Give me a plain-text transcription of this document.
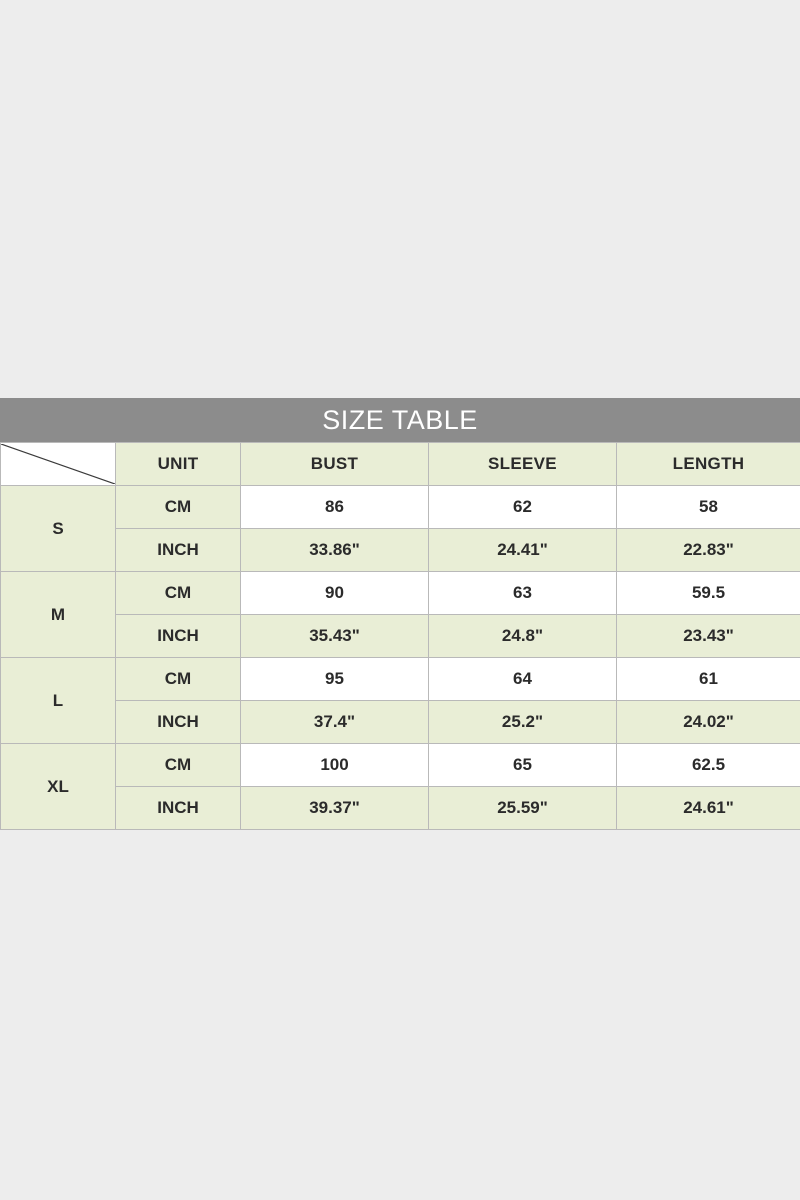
SIZE TABLE
	UNIT	BUST	SLEEVE	LENGTH
S	CM	86	62	58
	INCH	33.86"	24.41"	22.83"
M	CM	90	63	59.5
	INCH	35.43"	24.8"	23.43"
L	CM	95	64	61
	INCH	37.4"	25.2"	24.02"
XL	CM	100	65	62.5
	INCH	39.37"	25.59"	24.61"
